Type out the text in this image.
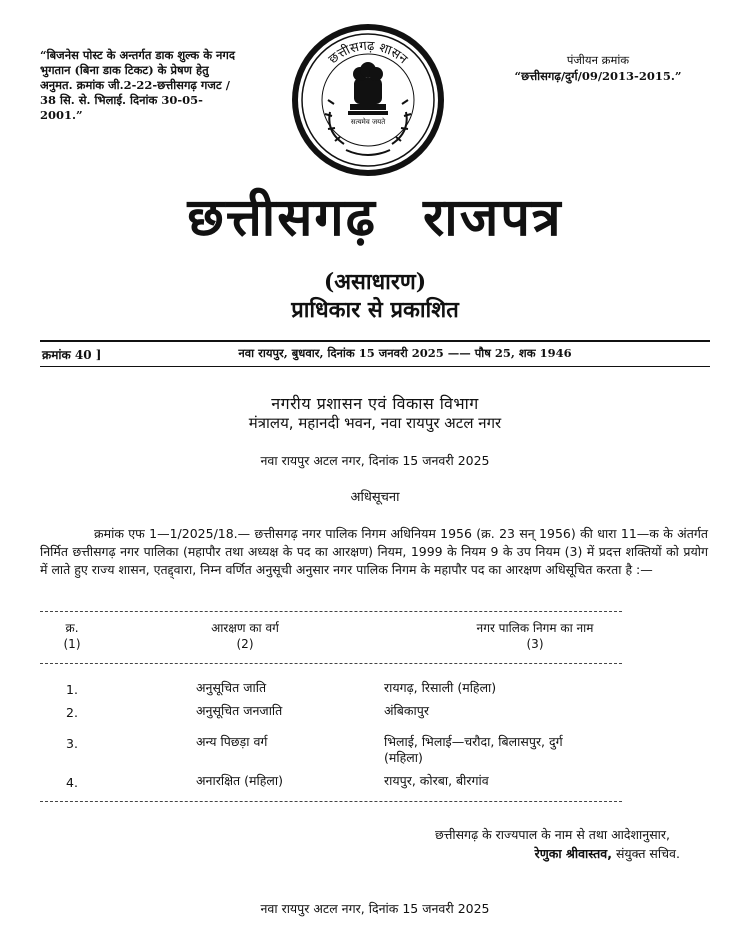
“बिजनेस पोस्ट के अन्तर्गत डाक शुल्क के नगद भुगतान (बिना डाक टिकट) के प्रेषण हेतु अनुमत. क्रमांक जी.2-22-छत्तीसगढ़ गजट / 38 सि. से. भिलाई. दिनांक 30-05-2001.”
पंजीयन क्रमांक
“छत्तीसगढ़/दुर्ग/09/2013-2015.”
छत्तीसगढ़ शासन
सत्यमेव जयते
छत्तीसगढ़ राजपत्र
(असाधारण)
प्राधिकार से प्रकाशित
क्रमांक 40 ]	नवा रायपुर, बुधवार, दिनांक 15 जनवरी 2025 —— पौष 25, शक 1946
नगरीय प्रशासन एवं विकास विभाग
मंत्रालय, महानदी भवन, नवा रायपुर अटल नगर
नवा रायपुर अटल नगर, दिनांक 15 जनवरी 2025
अधिसूचना
क्रमांक एफ 1—1/2025/18.— छत्तीसगढ़ नगर पालिक निगम अधिनियम 1956 (क्र. 23 सन् 1956) की धारा 11—क के अंतर्गत निर्मित छत्तीसगढ़ नगर पालिका (महापौर तथा अध्यक्ष के पद का आरक्षण) नियम, 1999 के नियम 9 के उप नियम (3) में प्रदत्त शक्तियों को प्रयोग में लाते हुए राज्य शासन, एतद्द्वारा, निम्न वर्णित अनुसूची अनुसार नगर पालिक निगम के महापौर पद का आरक्षण अधिसूचित करता है :—
क्र.	आरक्षण का वर्ग	नगर पालिक निगम का नाम
(1)	(2)	(3)
1.	अनुसूचित जाति	रायगढ़, रिसाली (महिला)
2.	अनुसूचित जनजाति	अंबिकापुर
3.	अन्य पिछड़ा वर्ग	भिलाई, भिलाई—चरौदा, बिलासपुर, दुर्ग (महिला)
4.	अनारक्षित (महिला)	रायपुर, कोरबा, बीरगांव
छत्तीसगढ़ के राज्यपाल के नाम से तथा आदेशानुसार,
रेणुका श्रीवास्तव, संयुक्त सचिव.
नवा रायपुर अटल नगर, दिनांक 15 जनवरी 2025
